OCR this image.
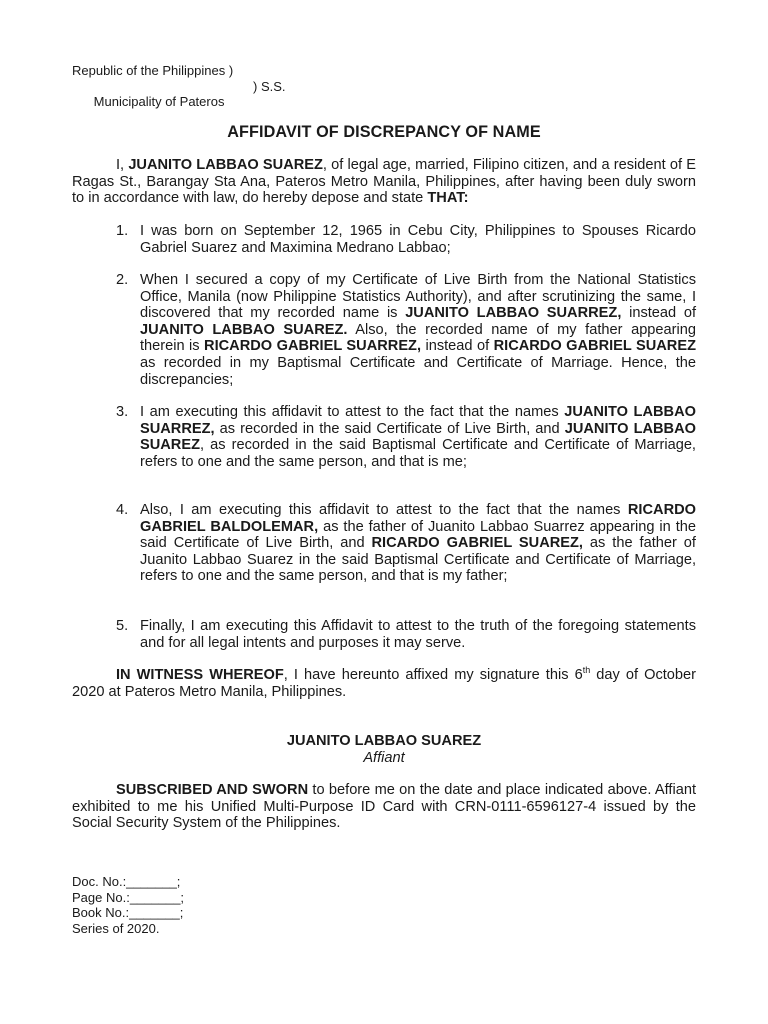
Republic of the Philippines )

Municipality of Pateros

) S.S.

AFFIDAVIT OF DISCREPANCY OF NAME
I, JUANITO LABBAO SUAREZ, of legal age, married, Filipino citizen, and a resident of E Ragas St., Barangay Sta Ana, Pateros Metro Manila, Philippines, after having been duly sworn to in accordance with law, do hereby depose and state THAT:
1. I was born on September 12, 1965 in Cebu City, Philippines to Spouses Ricardo Gabriel Suarez and Maximina Medrano Labbao;
2. When I secured a copy of my Certificate of Live Birth from the National Statistics Office, Manila (now Philippine Statistics Authority), and after scrutinizing the same, I discovered that my recorded name is JUANITO LABBAO SUARREZ, instead of JUANITO LABBAO SUAREZ. Also, the recorded name of my father appearing therein is RICARDO GABRIEL SUARREZ, instead of RICARDO GABRIEL SUAREZ as recorded in my Baptismal Certificate and Certificate of Marriage. Hence, the discrepancies;
3. I am executing this affidavit to attest to the fact that the names JUANITO LABBAO SUARREZ, as recorded in the said Certificate of Live Birth, and JUANITO LABBAO SUAREZ, as recorded in the said Baptismal Certificate and Certificate of Marriage, refers to one and the same person, and that is me;
4. Also, I am executing this affidavit to attest to the fact that the names RICARDO GABRIEL BALDOLEMAR, as the father of Juanito Labbao Suarrez appearing in the said Certificate of Live Birth, and RICARDO GABRIEL SUAREZ, as the father of Juanito Labbao Suarez in the said Baptismal Certificate and Certificate of Marriage, refers to one and the same person, and that is my father;
5. Finally, I am executing this Affidavit to attest to the truth of the foregoing statements and for all legal intents and purposes it may serve.
IN WITNESS WHEREOF, I have hereunto affixed my signature this 6th day of October 2020 at Pateros Metro Manila, Philippines.
JUANITO LABBAO SUAREZ
Affiant
SUBSCRIBED AND SWORN to before me on the date and place indicated above. Affiant exhibited to me his Unified Multi-Purpose ID Card with CRN-0111-6596127-4 issued by the Social Security System of the Philippines.
Doc. No.:_______;
Page No.:_______;
Book No.:_______;
Series of 2020.
